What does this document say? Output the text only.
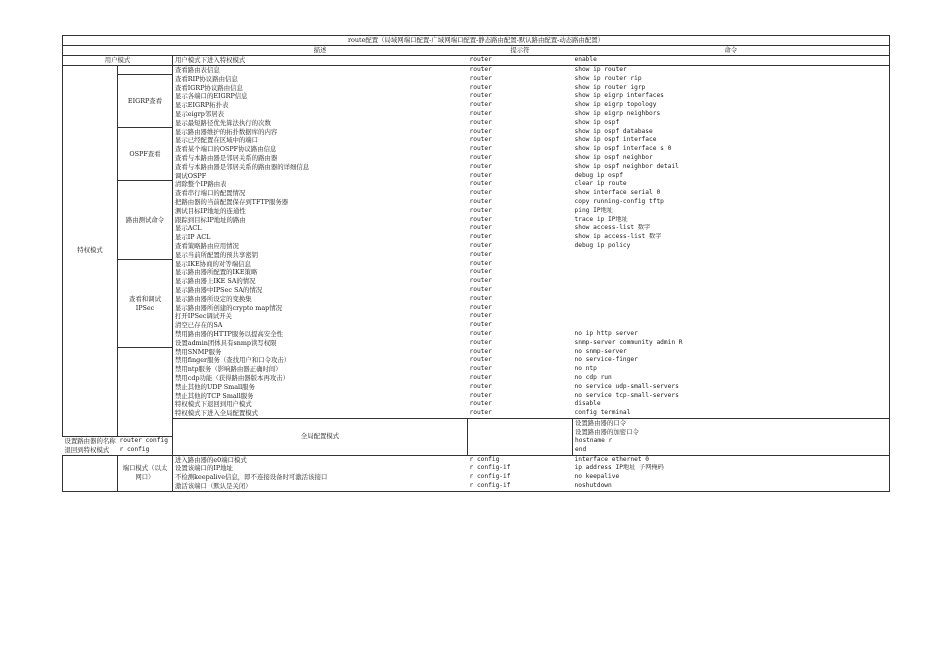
route配置（局域网端口配置-广域网端口配置-静态路由配置-默认路由配置-动态路由配置）					
		描述	提示符	命令	
用户模式		用户模式下进入特权模式	router	enable	
特权模式		查看路由表信息	router	show ip router	
	EIGRP查看	查看RIP协议路由信息	router	show ip router rip	
		查看IGRP协议路由信息	router	show ip router igrp	
		显示各端口的EIGRP信息	router	show ip eigrp interfaces	
		显示EIGRP拓扑表	router	show ip eigrp topology	
		显示eigrp邻居表	router	show ip eigrp neighbors	
		显示最短路径优先算法执行的次数	router	show ip ospf	
	OSPF查看	显示路由器维护的拓扑数据库的内容	router	show ip ospf database	
		显示已经配置在区域中的端口	router	show ip ospf interface	
		查看某个端口的OSPF协议路由信息	router	show ip ospf interface s 0	
		查看与本路由器是邻居关系的路由器	router	show ip ospf neighbor	
		查看与本路由器是邻居关系的路由器的详细信息	router	show ip ospf neighbor detail	
		调试OSPF	router	debug ip ospf	
	路由测试命令	清除整个IP路由表	router	clear ip route	
		查看串行端口的配置情况	router	show interface serial 0	
		把路由器的当前配置保存到TFTP服务器	router	copy running-config tftp	
		测试目标IP地址的连通性	router	ping IP地址	
		跟踪到目标IP地址的路由	router	trace ip IP地址	
		显示ACL	router	show access-list 数字	
		显示IP ACL	router	show ip access-list 数字	
		查看策略路由应用情况	router	debug ip policy	
		显示当前所配置的预共享密钥	router		
	查看和调试IPSec	显示IKE协商的对等端信息	router		
		显示路由器所配置的IKE策略	router		
		显示路由器上IKE SA的情况	router		
		显示路由器中IPSec SA的情况	router		
		显示路由器所设定的变换集	router		
		显示路由器所创建的crypto map情况	router		
		打开IPSec调试开关	router		
		清空已存在的SA	router		
		禁用路由器的HTTP服务以提高安全性	router	no ip http server	
		设置admin团体具有snmp读写权限	router	snmp-server community admin R	
		禁用SNMP服务	router	no snmp-server	
		禁用finger服务（查找用户和口令攻击）	router	no service-finger	
		禁用ntp服务（影响路由器正确时间）	router	no ntp	
		禁用cdp功能（获得路由器版本再攻击）	router	no cdp run	
		禁止其他的UDP Small服务	router	no service udp-small-servers	
		禁止其他的TCP Small服务	router	no service tcp-small-servers	
		特权模式下退回到用户模式	router	disable	
		特权模式下进入全局配置模式	router	config terminal	
		全局配置模式		设置路由器的口令		
				设置路由器的加密口令		
设置路由器的名称	router config			hostname r	
退回到特权模式	r config			end	
	端口模式（以太网口）	进入路由器的e0端口模式	r config	interface ethernet 0	
		设置该端口的IP地址	r config-if	ip address IP地址 子网掩码	
		不检测keepalive信息，即不连接设备时可激活该接口	r config-if	no keepalive	
		激活该端口（默认是关闭）	r config-if	noshutdown	
